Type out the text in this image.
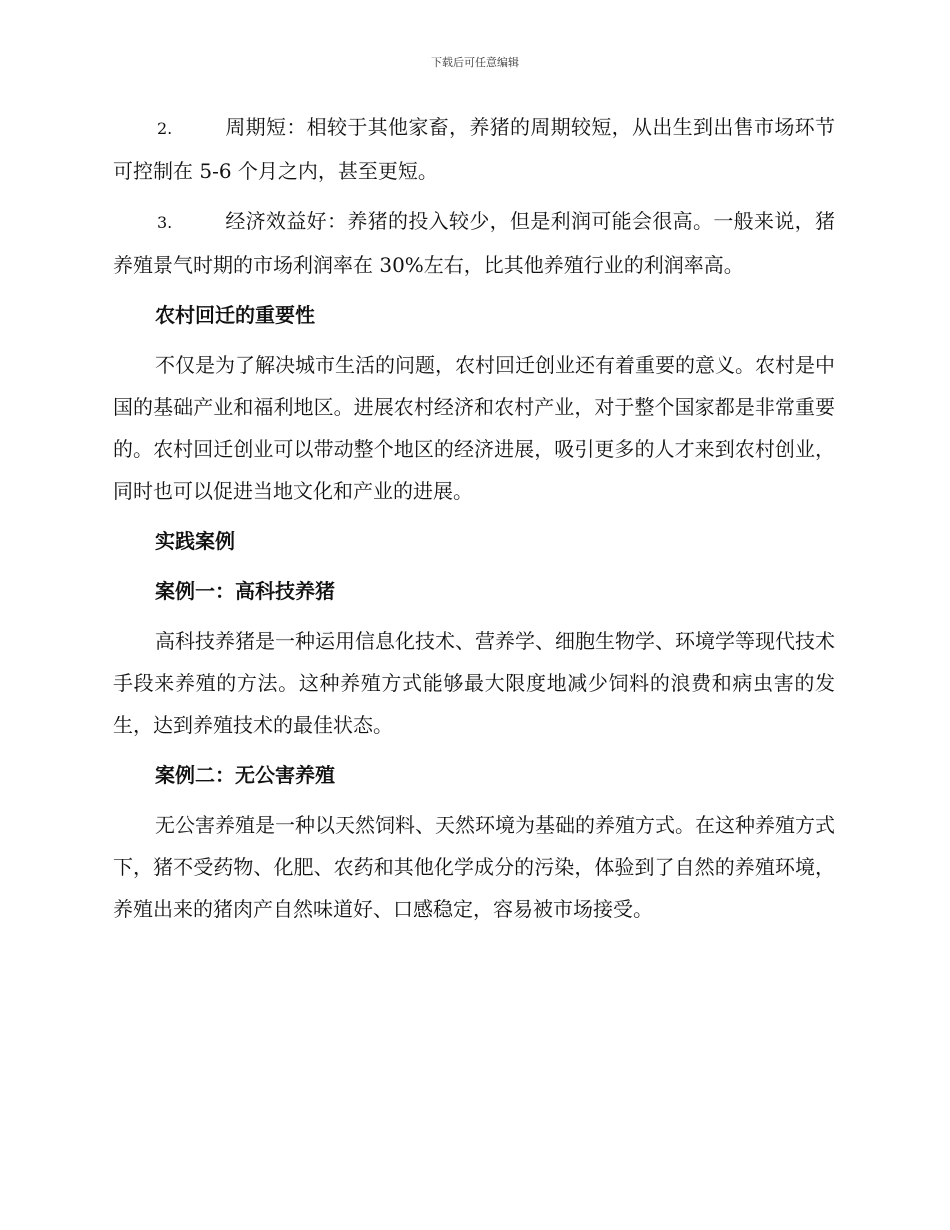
下载后可任意编辑

2.	周期短：相较于其他家畜，养猪的周期较短，从出生到出售市场环节可控制在 5-6 个月之内，甚至更短。

3.	经济效益好：养猪的投入较少，但是利润可能会很高。一般来说，猪养殖景气时期的市场利润率在 30%左右，比其他养殖行业的利润率高。

农村回迁的重要性

不仅是为了解决城市生活的问题，农村回迁创业还有着重要的意义。农村是中国的基础产业和福利地区。进展农村经济和农村产业，对于整个国家都是非常重要的。农村回迁创业可以带动整个地区的经济进展，吸引更多的人才来到农村创业，同时也可以促进当地文化和产业的进展。

实践案例
案例一：高科技养猪

高科技养猪是一种运用信息化技术、营养学、细胞生物学、环境学等现代技术手段来养殖的方法。这种养殖方式能够最大限度地减少饲料的浪费和病虫害的发生，达到养殖技术的最佳状态。

案例二：无公害养殖

无公害养殖是一种以天然饲料、天然环境为基础的养殖方式。在这种养殖方式下，猪不受药物、化肥、农药和其他化学成分的污染，体验到了自然的养殖环境，养殖出来的猪肉产自然味道好、口感稳定，容易被市场接受。
